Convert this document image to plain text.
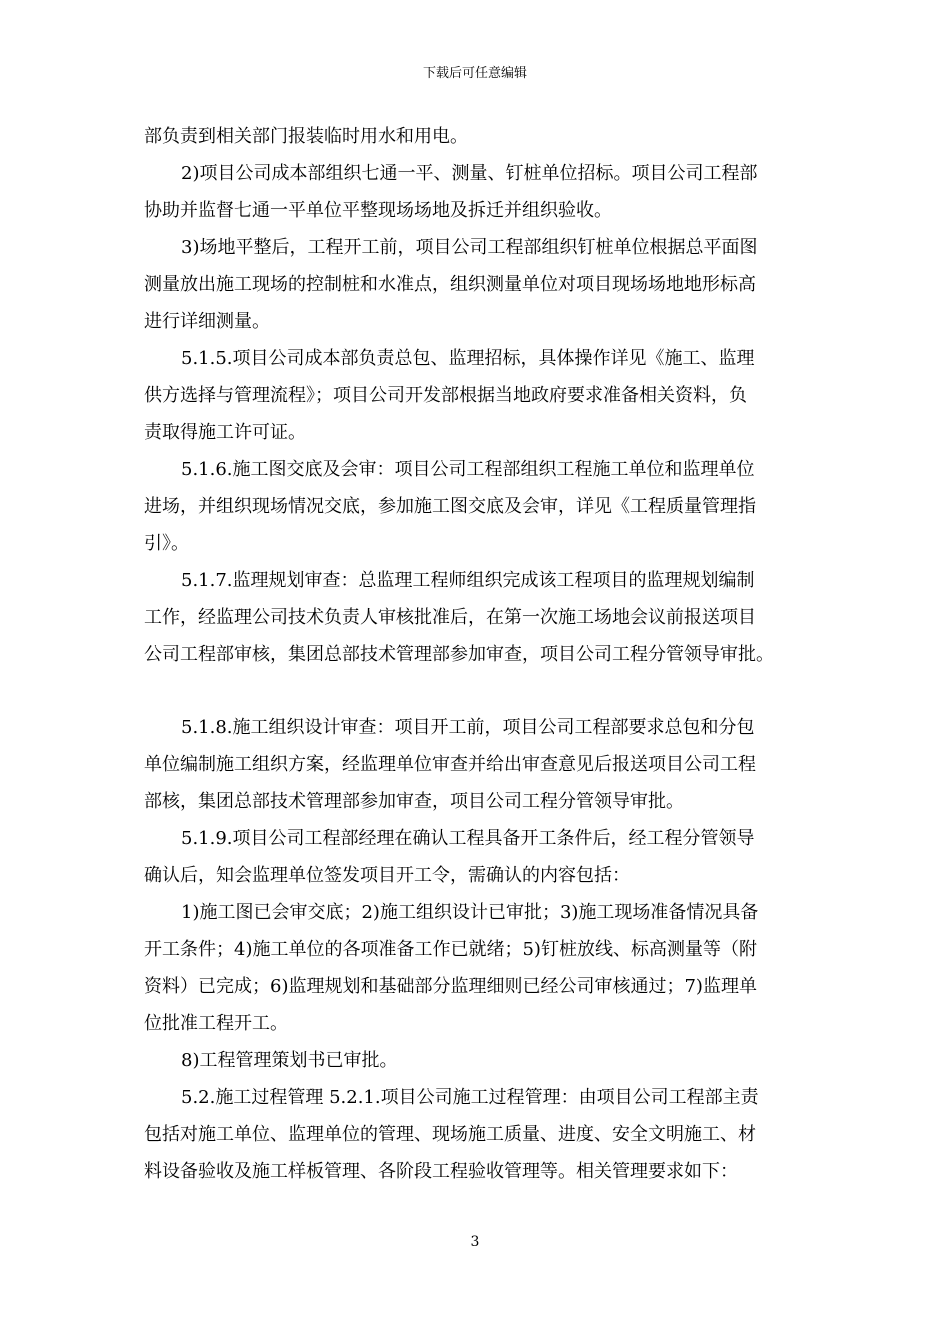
下载后可任意编辑
部负责到相关部门报装临时用水和用电。
2)项目公司成本部组织七通一平、测量、钉桩单位招标。项目公司工程部
协助并监督七通一平单位平整现场场地及拆迁并组织验收。
3)场地平整后，工程开工前，项目公司工程部组织钉桩单位根据总平面图
测量放出施工现场的控制桩和水准点，组织测量单位对项目现场场地地形标高
进行详细测量。
5.1.5.项目公司成本部负责总包、监理招标，具体操作详见《施工、监理
供方选择与管理流程》；项目公司开发部根据当地政府要求准备相关资料，负
责取得施工许可证。
5.1.6.施工图交底及会审：项目公司工程部组织工程施工单位和监理单位
进场，并组织现场情况交底，参加施工图交底及会审，详见《工程质量管理指
引》。
5.1.7.监理规划审查：总监理工程师组织完成该工程项目的监理规划编制
工作，经监理公司技术负责人审核批准后，在第一次施工场地会议前报送项目
公司工程部审核，集团总部技术管理部参加审查，项目公司工程分管领导审批。
5.1.8.施工组织设计审查：项目开工前，项目公司工程部要求总包和分包
单位编制施工组织方案，经监理单位审查并给出审查意见后报送项目公司工程
部核，集团总部技术管理部参加审查，项目公司工程分管领导审批。
5.1.9.项目公司工程部经理在确认工程具备开工条件后，经工程分管领导
确认后，知会监理单位签发项目开工令，需确认的内容包括：
1)施工图已会审交底；2)施工组织设计已审批；3)施工现场准备情况具备
开工条件；4)施工单位的各项准备工作已就绪；5)钉桩放线、标高测量等（附
资料）已完成；6)监理规划和基础部分监理细则已经公司审核通过；7)监理单
位批准工程开工。
8)工程管理策划书已审批。
5.2.施工过程管理 5.2.1.项目公司施工过程管理：由项目公司工程部主责
包括对施工单位、监理单位的管理、现场施工质量、进度、安全文明施工、材
料设备验收及施工样板管理、各阶段工程验收管理等。相关管理要求如下：
3
